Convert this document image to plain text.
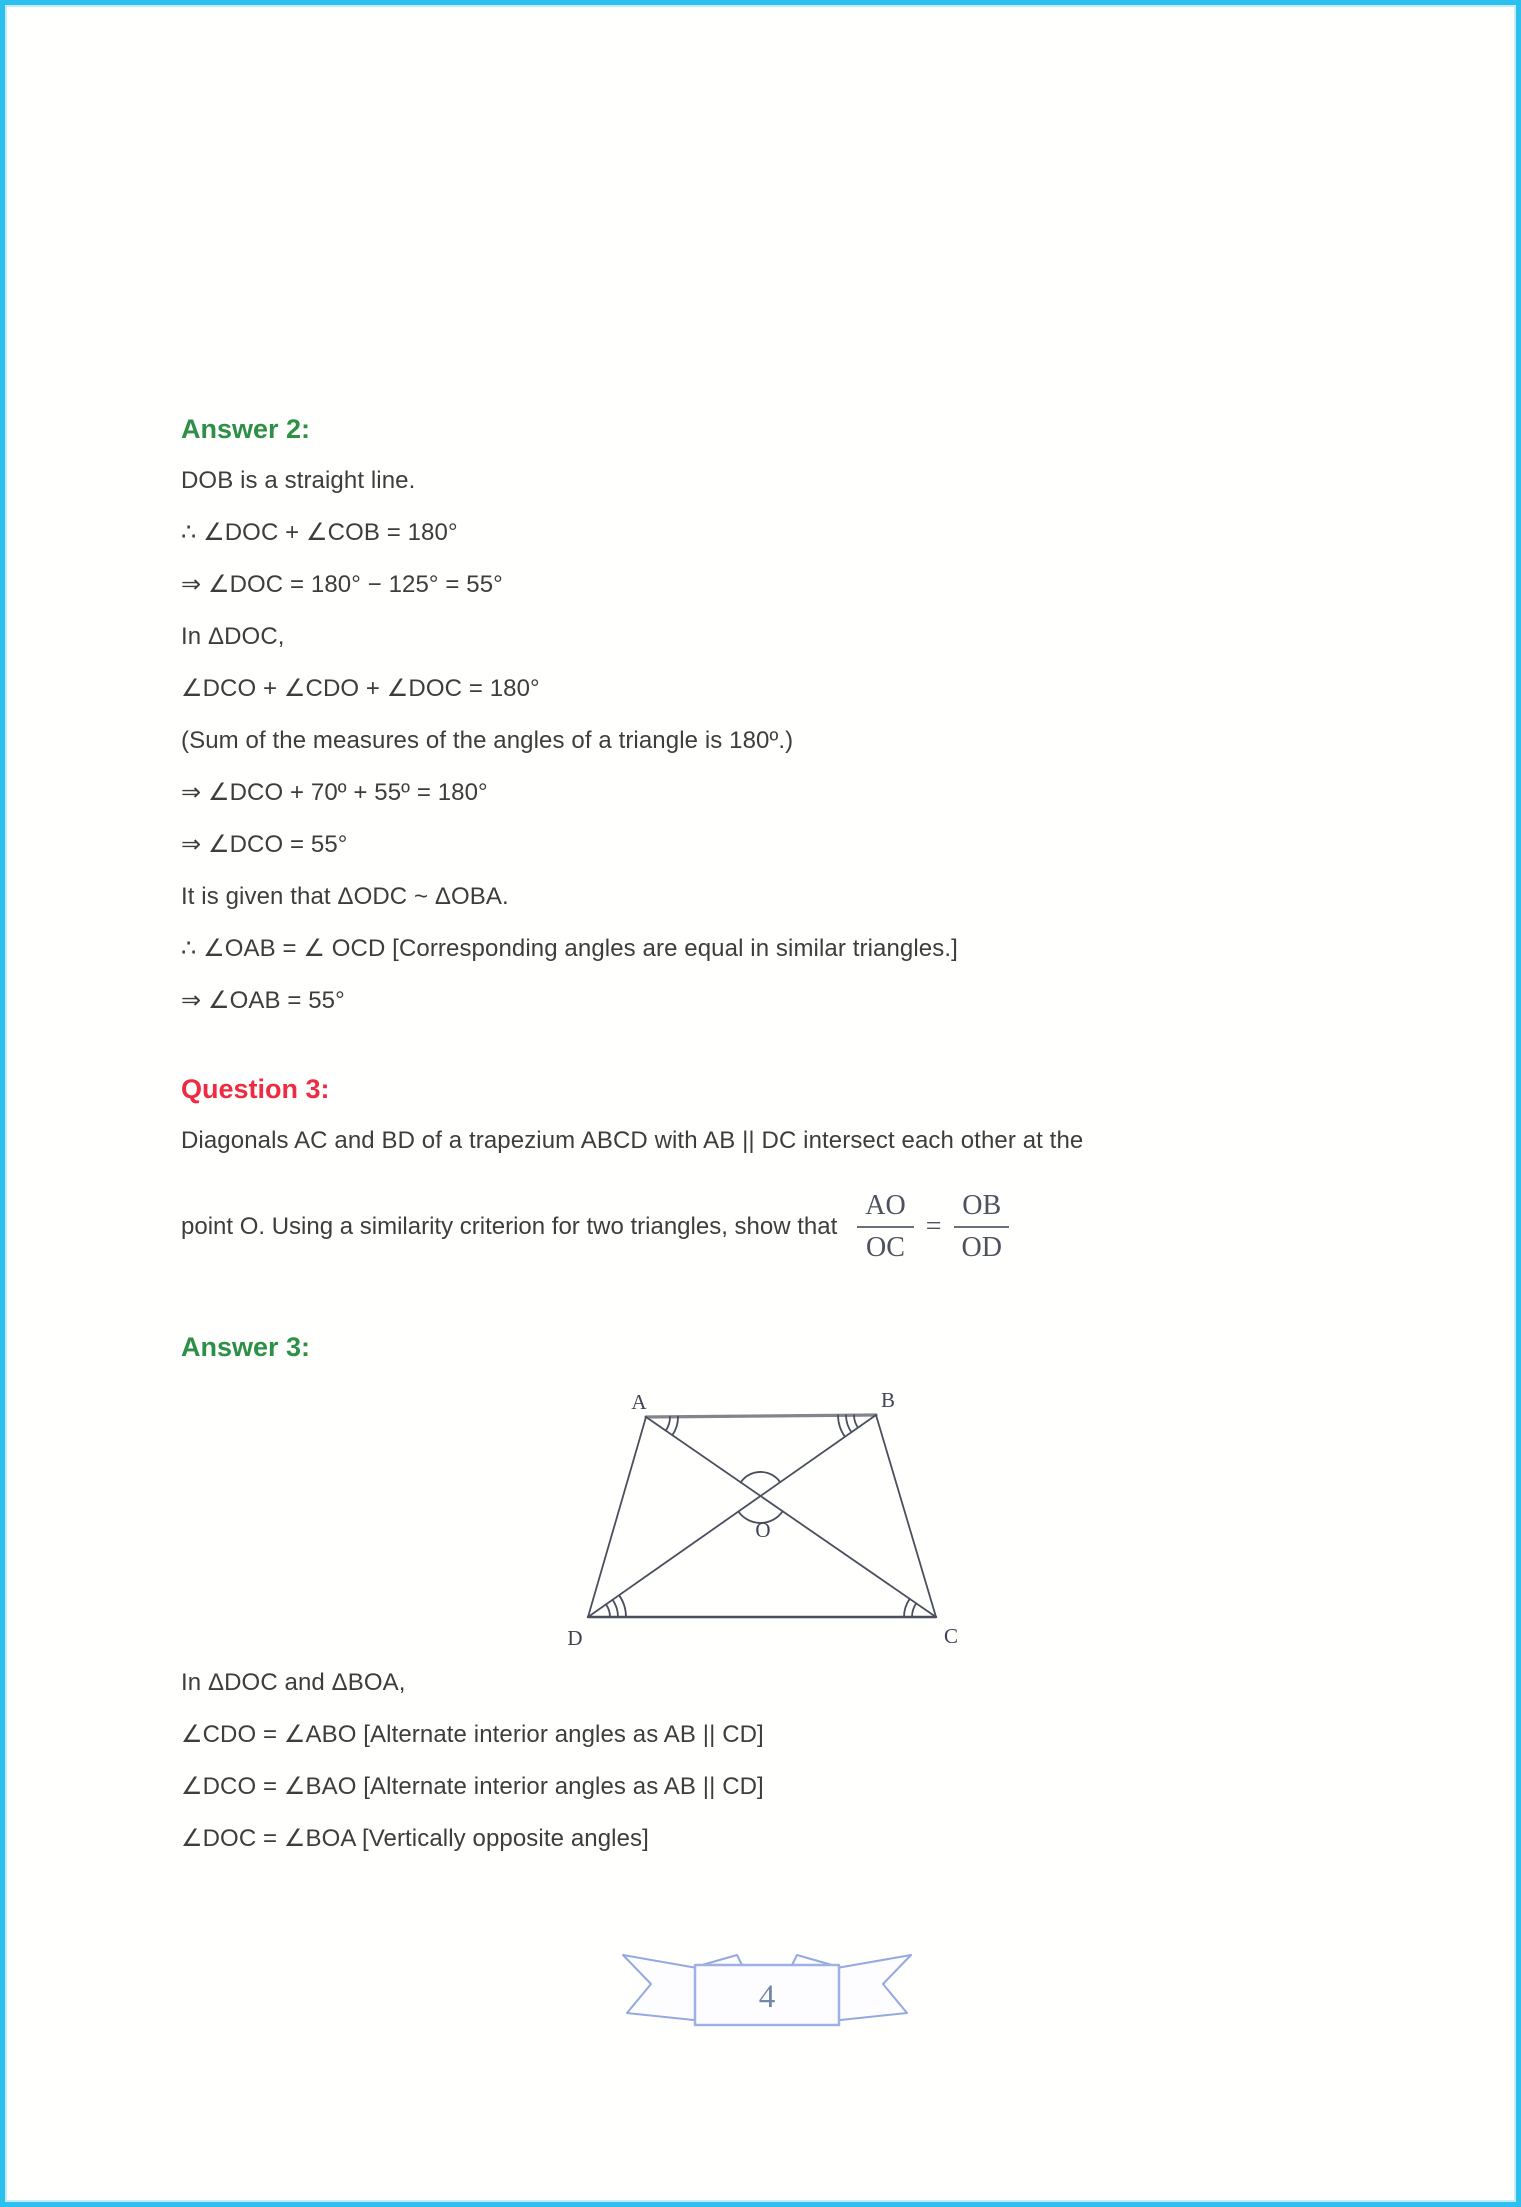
Answer 2:

DOB is a straight line.

∴ ∠DOC + ∠COB = 180°

⇒ ∠DOC = 180° − 125° = 55°

In ΔDOC,

∠DCO + ∠CDO + ∠DOC = 180°

(Sum of the measures of the angles of a triangle is 180º.)

⇒ ∠DCO + 70º + 55º = 180°

⇒ ∠DCO = 55°

It is given that ΔODC ~ ΔOBA.

∴ ∠OAB = ∠ OCD [Corresponding angles are equal in similar triangles.]

⇒ ∠OAB = 55°

Question 3:

Diagonals AC and BD of a trapezium ABCD with AB || DC intersect each other at the

point O. Using a similarity criterion for two triangles, show that $\frac{AO}{OC} = \frac{OB}{OD}$
Answer 3:
A	B
D	C
O

In ΔDOC and ΔBOA,

∠CDO = ∠ABO [Alternate interior angles as AB || CD]

∠DCO = ∠BAO [Alternate interior angles as AB || CD]

∠DOC = ∠BOA [Vertically opposite angles]

4
